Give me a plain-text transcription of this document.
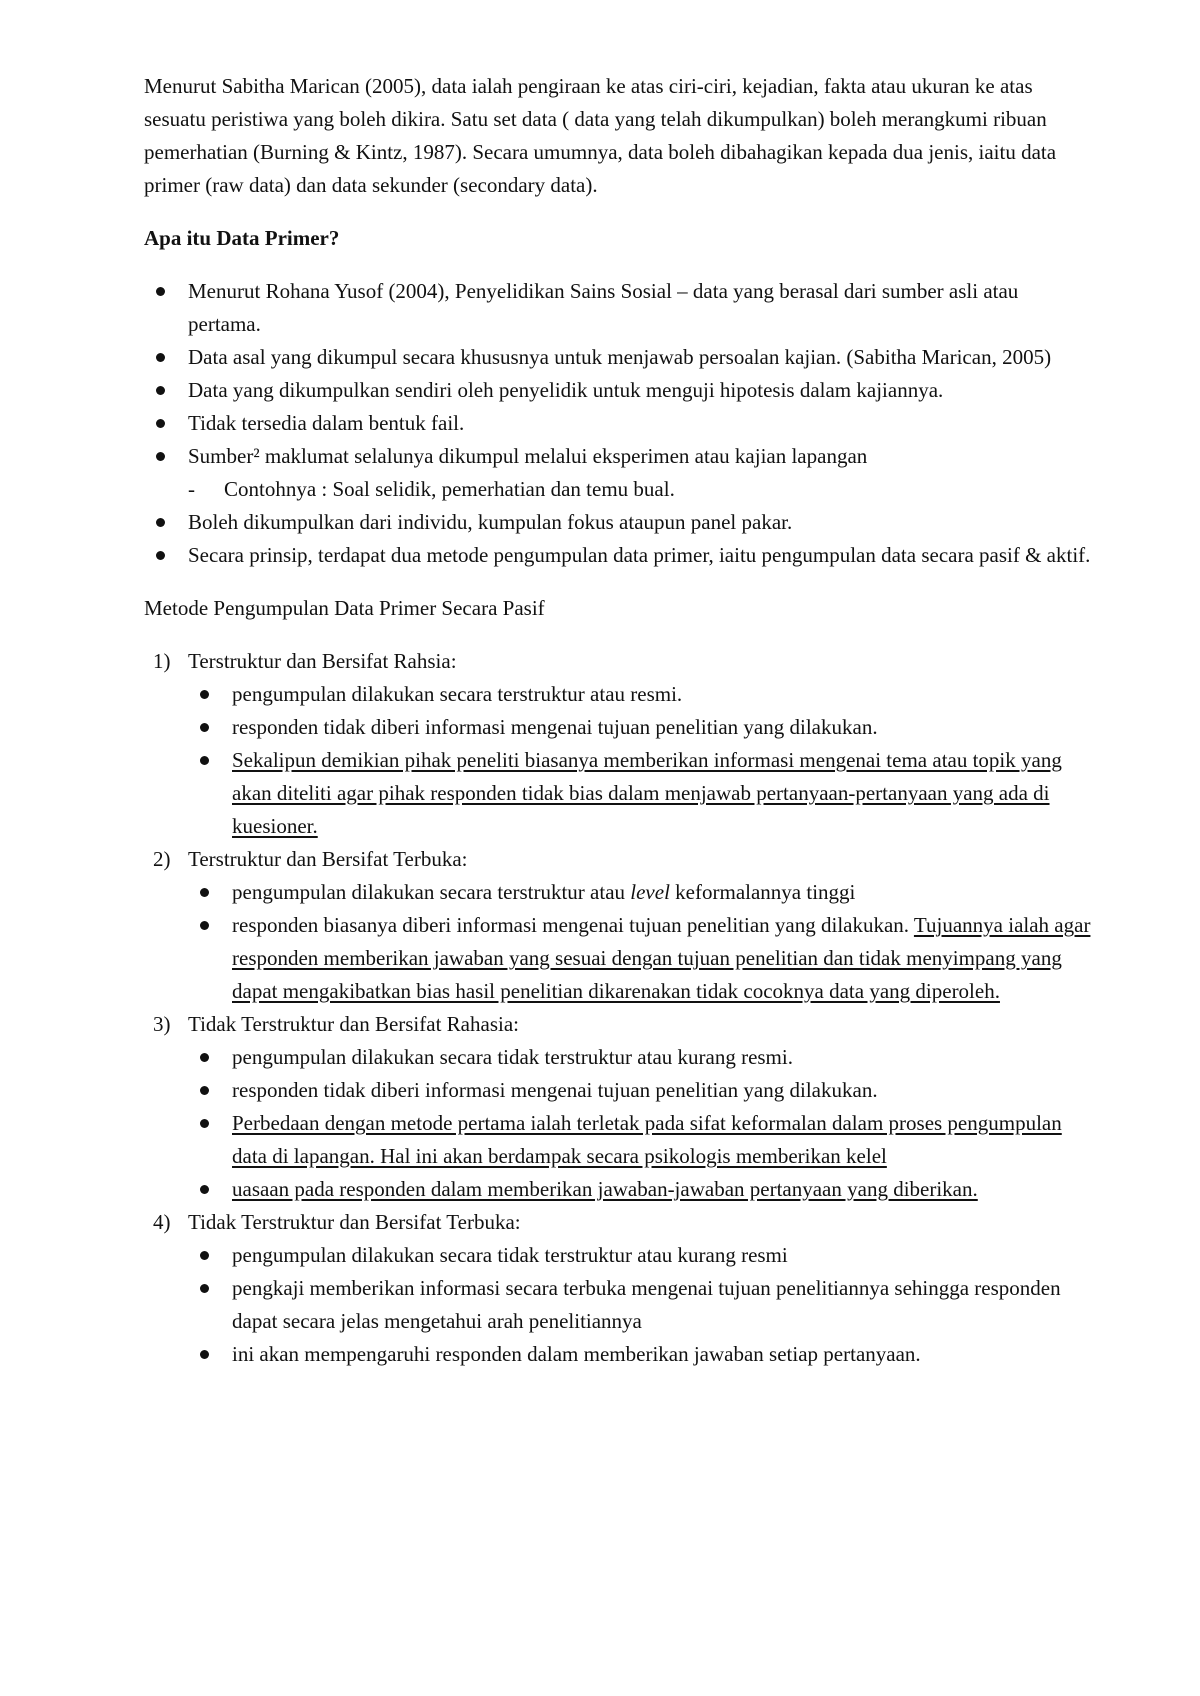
Menurut Sabitha Marican (2005), data ialah pengiraan ke atas ciri-ciri, kejadian, fakta atau ukuran ke atas sesuatu peristiwa yang boleh dikira. Satu set data ( data yang telah dikumpulkan) boleh merangkumi ribuan pemerhatian (Burning & Kintz, 1987). Secara umumnya, data boleh dibahagikan kepada dua jenis, iaitu data primer (raw data) dan data sekunder (secondary data).

Apa itu Data Primer?

Menurut Rohana Yusof (2004), Penyelidikan Sains Sosial – data yang berasal dari sumber asli atau pertama.
Data asal yang dikumpul secara khususnya untuk menjawab persoalan kajian. (Sabitha Marican, 2005)
Data yang dikumpulkan sendiri oleh penyelidik untuk menguji hipotesis dalam kajiannya.
Tidak tersedia dalam bentuk fail.
Sumber² maklumat selalunya dikumpul melalui eksperimen atau kajian lapangan
- Contohnya : Soal selidik, pemerhatian dan temu bual.
Boleh dikumpulkan dari individu, kumpulan fokus ataupun panel pakar.
Secara prinsip, terdapat dua metode pengumpulan data primer, iaitu pengumpulan data secara pasif & aktif.

Metode Pengumpulan Data Primer Secara Pasif

1) Terstruktur dan Bersifat Rahsia:
pengumpulan dilakukan secara terstruktur atau resmi.
responden tidak diberi informasi mengenai tujuan penelitian yang dilakukan.
Sekalipun demikian pihak peneliti biasanya memberikan informasi mengenai tema atau topik yang akan diteliti agar pihak responden tidak bias dalam menjawab pertanyaan-pertanyaan yang ada di kuesioner.
2) Terstruktur dan Bersifat Terbuka:
pengumpulan dilakukan secara terstruktur atau level keformalannya tinggi
responden biasanya diberi informasi mengenai tujuan penelitian yang dilakukan. Tujuannya ialah agar responden memberikan jawaban yang sesuai dengan tujuan penelitian dan tidak menyimpang yang dapat mengakibatkan bias hasil penelitian dikarenakan tidak cocoknya data yang diperoleh.
3) Tidak Terstruktur dan Bersifat Rahasia:
pengumpulan dilakukan secara tidak terstruktur atau kurang resmi.
responden tidak diberi informasi mengenai tujuan penelitian yang dilakukan.
Perbedaan dengan metode pertama ialah terletak pada sifat keformalan dalam proses pengumpulan data di lapangan. Hal ini akan berdampak secara psikologis memberikan kelel
uasaan pada responden dalam memberikan jawaban-jawaban pertanyaan yang diberikan.
4) Tidak Terstruktur dan Bersifat Terbuka:
pengumpulan dilakukan secara tidak terstruktur atau kurang resmi
pengkaji memberikan informasi secara terbuka mengenai tujuan penelitiannya sehingga responden dapat secara jelas mengetahui arah penelitiannya
ini akan mempengaruhi responden dalam memberikan jawaban setiap pertanyaan.
